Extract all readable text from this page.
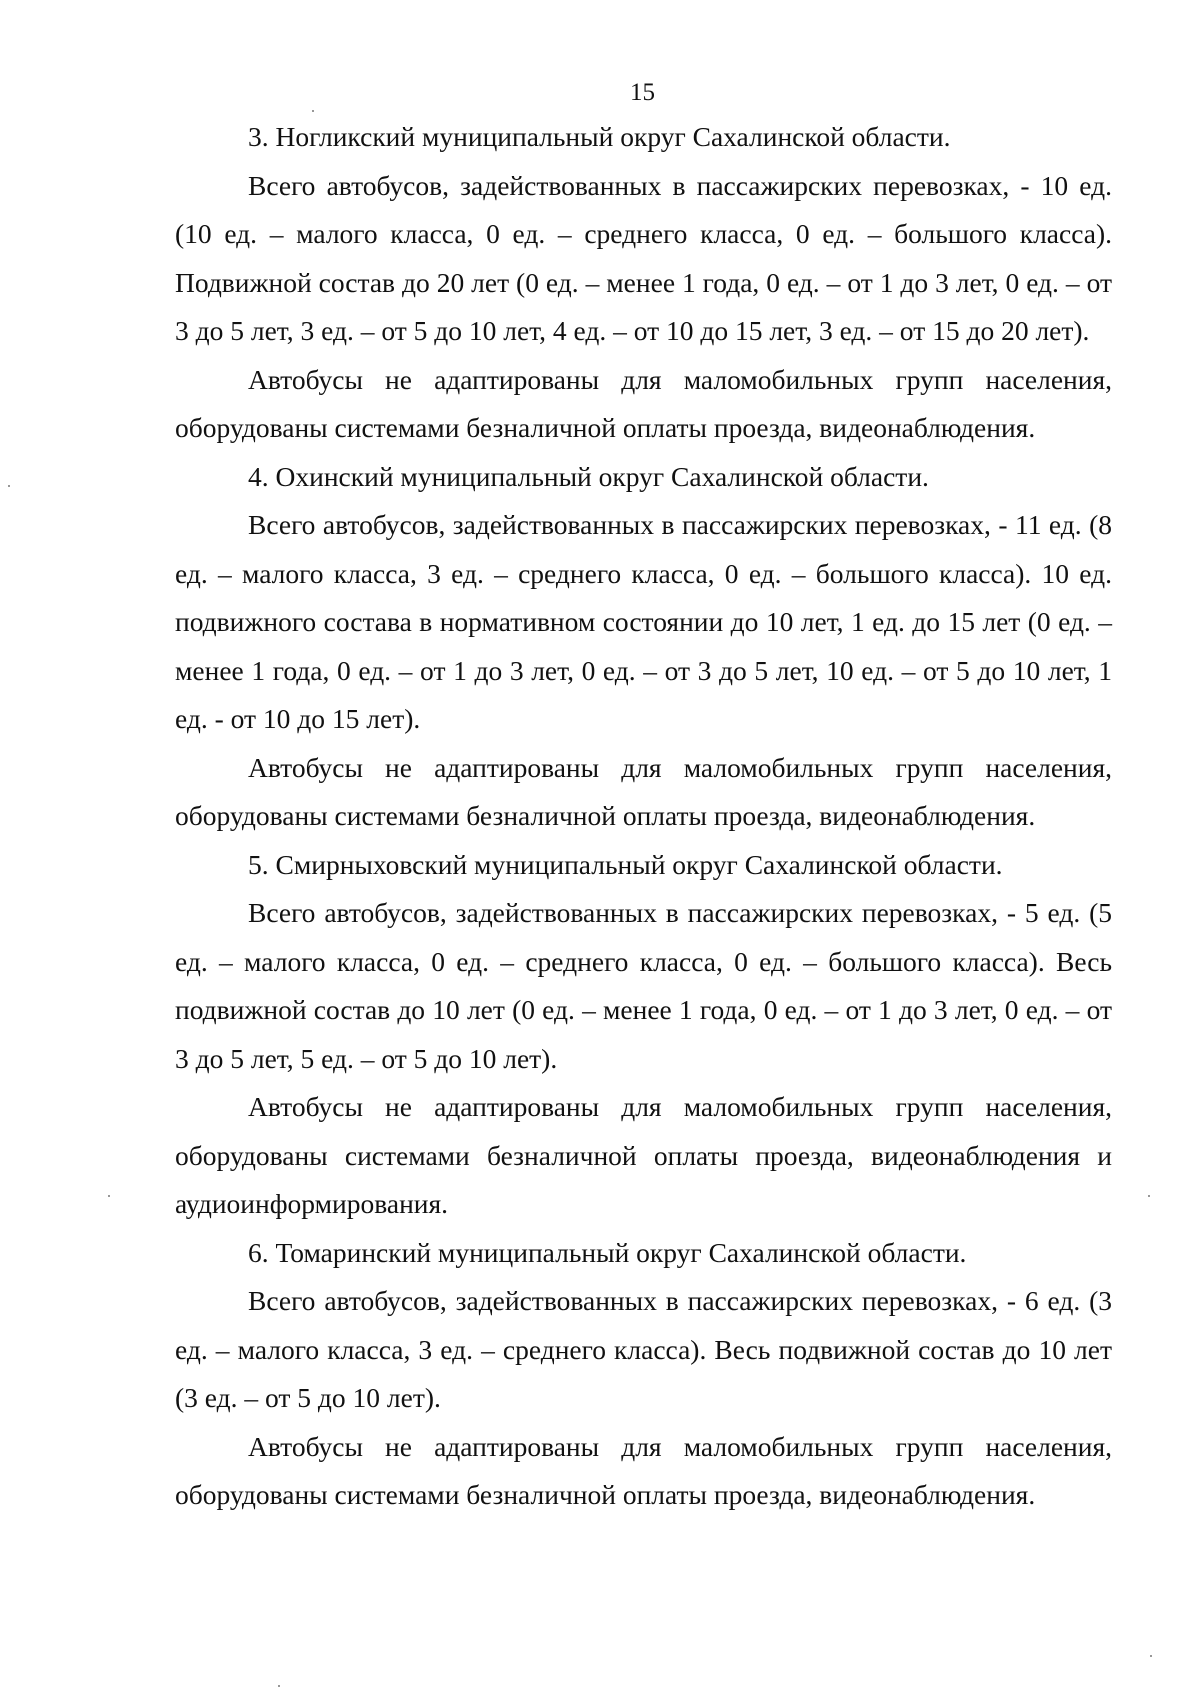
15

3. Ногликский муниципальный округ Сахалинской области.

Всего автобусов, задействованных в пассажирских перевозках, - 10 ед. (10 ед. – малого класса, 0 ед. – среднего класса, 0 ед. – большого класса). Подвижной состав до 20 лет (0 ед. – менее 1 года, 0 ед. – от 1 до 3 лет, 0 ед. – от 3 до 5 лет, 3 ед. – от 5 до 10 лет, 4 ед. – от 10 до 15 лет, 3 ед. – от 15 до 20 лет).

Автобусы не адаптированы для маломобильных групп населения, оборудованы системами безналичной оплаты проезда, видеонаблюдения.

4. Охинский муниципальный округ Сахалинской области.

Всего автобусов, задействованных в пассажирских перевозках, - 11 ед. (8 ед. – малого класса, 3 ед. – среднего класса, 0 ед. – большого класса). 10 ед. подвижного состава в нормативном состоянии до 10 лет, 1 ед. до 15 лет (0 ед. – менее 1 года, 0 ед. – от 1 до 3 лет, 0 ед. – от 3 до 5 лет, 10 ед. – от 5 до 10 лет, 1 ед. - от 10 до 15 лет).

Автобусы не адаптированы для маломобильных групп населения, оборудованы системами безналичной оплаты проезда, видеонаблюдения.

5. Смирныховский муниципальный округ Сахалинской области.

Всего автобусов, задействованных в пассажирских перевозках, - 5 ед. (5 ед. – малого класса, 0 ед. – среднего класса, 0 ед. – большого класса). Весь подвижной состав до 10 лет (0 ед. – менее 1 года, 0 ед. – от 1 до 3 лет, 0 ед. – от 3 до 5 лет, 5 ед. – от 5 до 10 лет).

Автобусы не адаптированы для маломобильных групп населения, оборудованы системами безналичной оплаты проезда, видеонаблюдения и аудиоинформирования.

6. Томаринский муниципальный округ Сахалинской области.

Всего автобусов, задействованных в пассажирских перевозках, - 6 ед. (3 ед. – малого класса, 3 ед. – среднего класса). Весь подвижной состав до 10 лет (3 ед. – от 5 до 10 лет).

Автобусы не адаптированы для маломобильных групп населения, оборудованы системами безналичной оплаты проезда, видеонаблюдения.
